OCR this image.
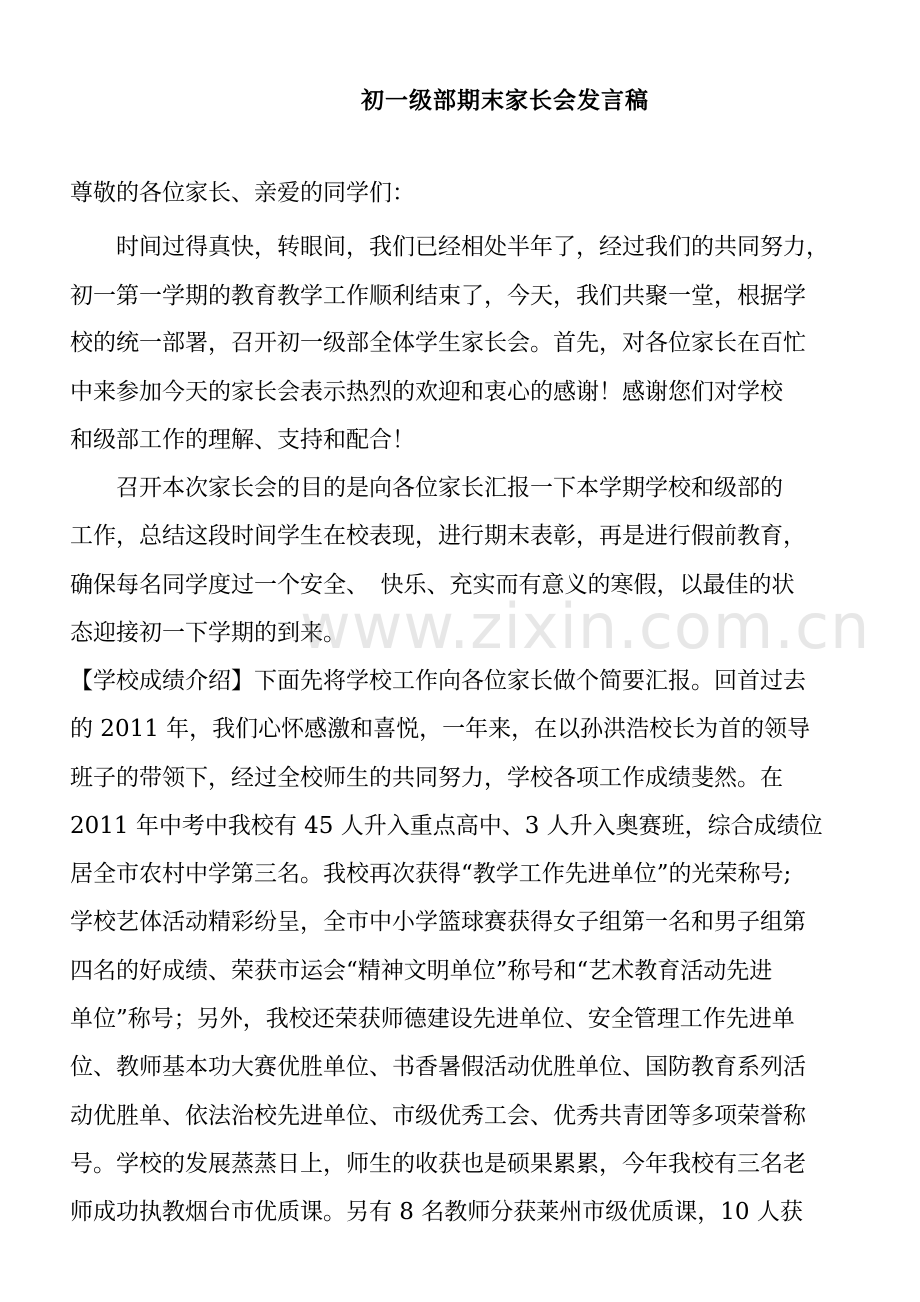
初一级部期末家长会发言稿
尊敬的各位家长、亲爱的同学们：
　　时间过得真快，转眼间，我们已经相处半年了，经过我们的共同努力，
初一第一学期的教育教学工作顺利结束了，今天，我们共聚一堂，根据学
校的统一部署，召开初一级部全体学生家长会。首先，对各位家长在百忙
中来参加今天的家长会表示热烈的欢迎和衷心的感谢！感谢您们对学校
和级部工作的理解、支持和配合！
　　召开本次家长会的目的是向各位家长汇报一下本学期学校和级部的
工作，总结这段时间学生在校表现，进行期末表彰，再是进行假前教育，
确保每名同学度过一个安全、　快乐、充实而有意义的寒假，以最佳的状
态迎接初一下学期的到来。
【学校成绩介绍】下面先将学校工作向各位家长做个简要汇报。回首过去
的 2011 年，我们心怀感激和喜悦，一年来，在以孙洪浩校长为首的领导
班子的带领下，经过全校师生的共同努力，学校各项工作成绩斐然。在
2011 年中考中我校有 45 人升入重点高中、3 人升入奥赛班，综合成绩位
居全市农村中学第三名。我校再次获得“教学工作先进单位”的光荣称号;
学校艺体活动精彩纷呈，全市中小学篮球赛获得女子组第一名和男子组第
四名的好成绩、荣获市运会“精神文明单位”称号和“艺术教育活动先进
单位”称号；另外，我校还荣获师德建设先进单位、安全管理工作先进单
位、教师基本功大赛优胜单位、书香暑假活动优胜单位、国防教育系列活
动优胜单、依法治校先进单位、市级优秀工会、优秀共青团等多项荣誉称
号。学校的发展蒸蒸日上，师生的收获也是硕果累累，今年我校有三名老
师成功执教烟台市优质课。另有 8 名教师分获莱州市级优质课，10 人获
www.zixin.com.cn
